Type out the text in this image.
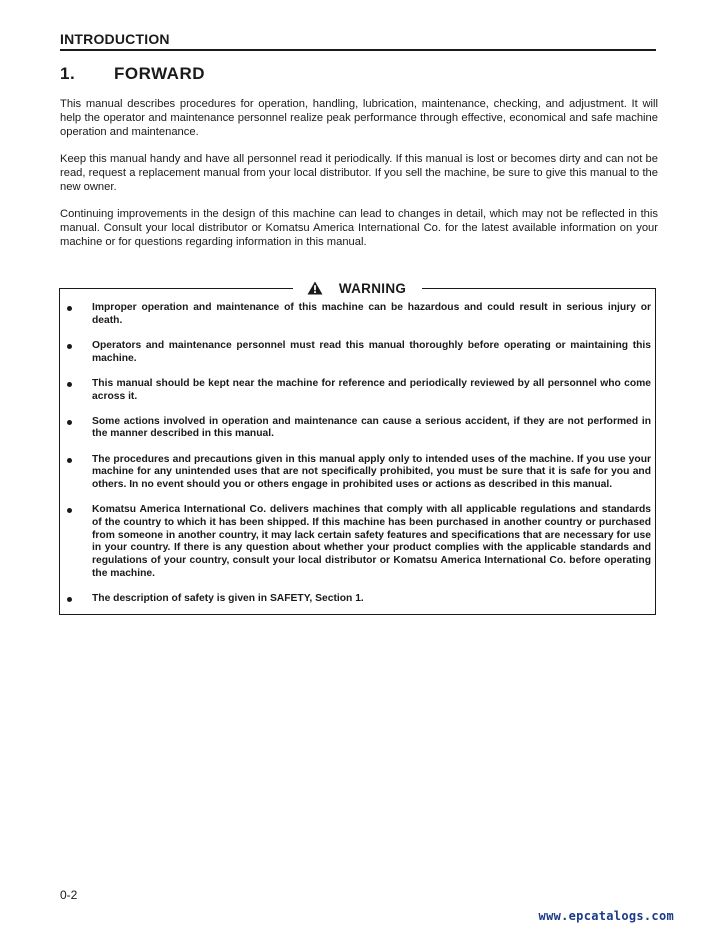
INTRODUCTION
1. FORWARD

This manual describes procedures for operation, handling, lubrication, maintenance, checking, and adjustment. It will help the operator and maintenance personnel realize peak performance through effective, economical and safe machine operation and maintenance.

Keep this manual handy and have all personnel read it periodically. If this manual is lost or becomes dirty and can not be read, request a replacement manual from your local distributor. If you sell the machine, be sure to give this manual to the new owner.

Continuing improvements in the design of this machine can lead to changes in detail, which may not be reflected in this manual. Consult your local distributor or Komatsu America International Co. for the latest available information on your machine or for questions regarding information in this manual.

WARNING
Improper operation and maintenance of this machine can be hazardous and could result in serious injury or death.
Operators and maintenance personnel must read this manual thoroughly before operating or maintaining this machine.
This manual should be kept near the machine for reference and periodically reviewed by all personnel who come across it.
Some actions involved in operation and maintenance can cause a serious accident, if they are not performed in the manner described in this manual.
The procedures and precautions given in this manual apply only to intended uses of the machine. If you use your machine for any unintended uses that are not specifically prohibited, you must be sure that it is safe for you and others. In no event should you or others engage in prohibited uses or actions as described in this manual.
Komatsu America International Co. delivers machines that comply with all applicable regulations and standards of the country to which it has been shipped. If this machine has been purchased in another country or purchased from someone in another country, it may lack certain safety features and specifications that are necessary for use in your country. If there is any question about whether your product complies with the applicable standards and regulations of your country, consult your local distributor or Komatsu America International Co. before operating the machine.
The description of safety is given in SAFETY, Section 1.
0-2
www.epcatalogs.com
